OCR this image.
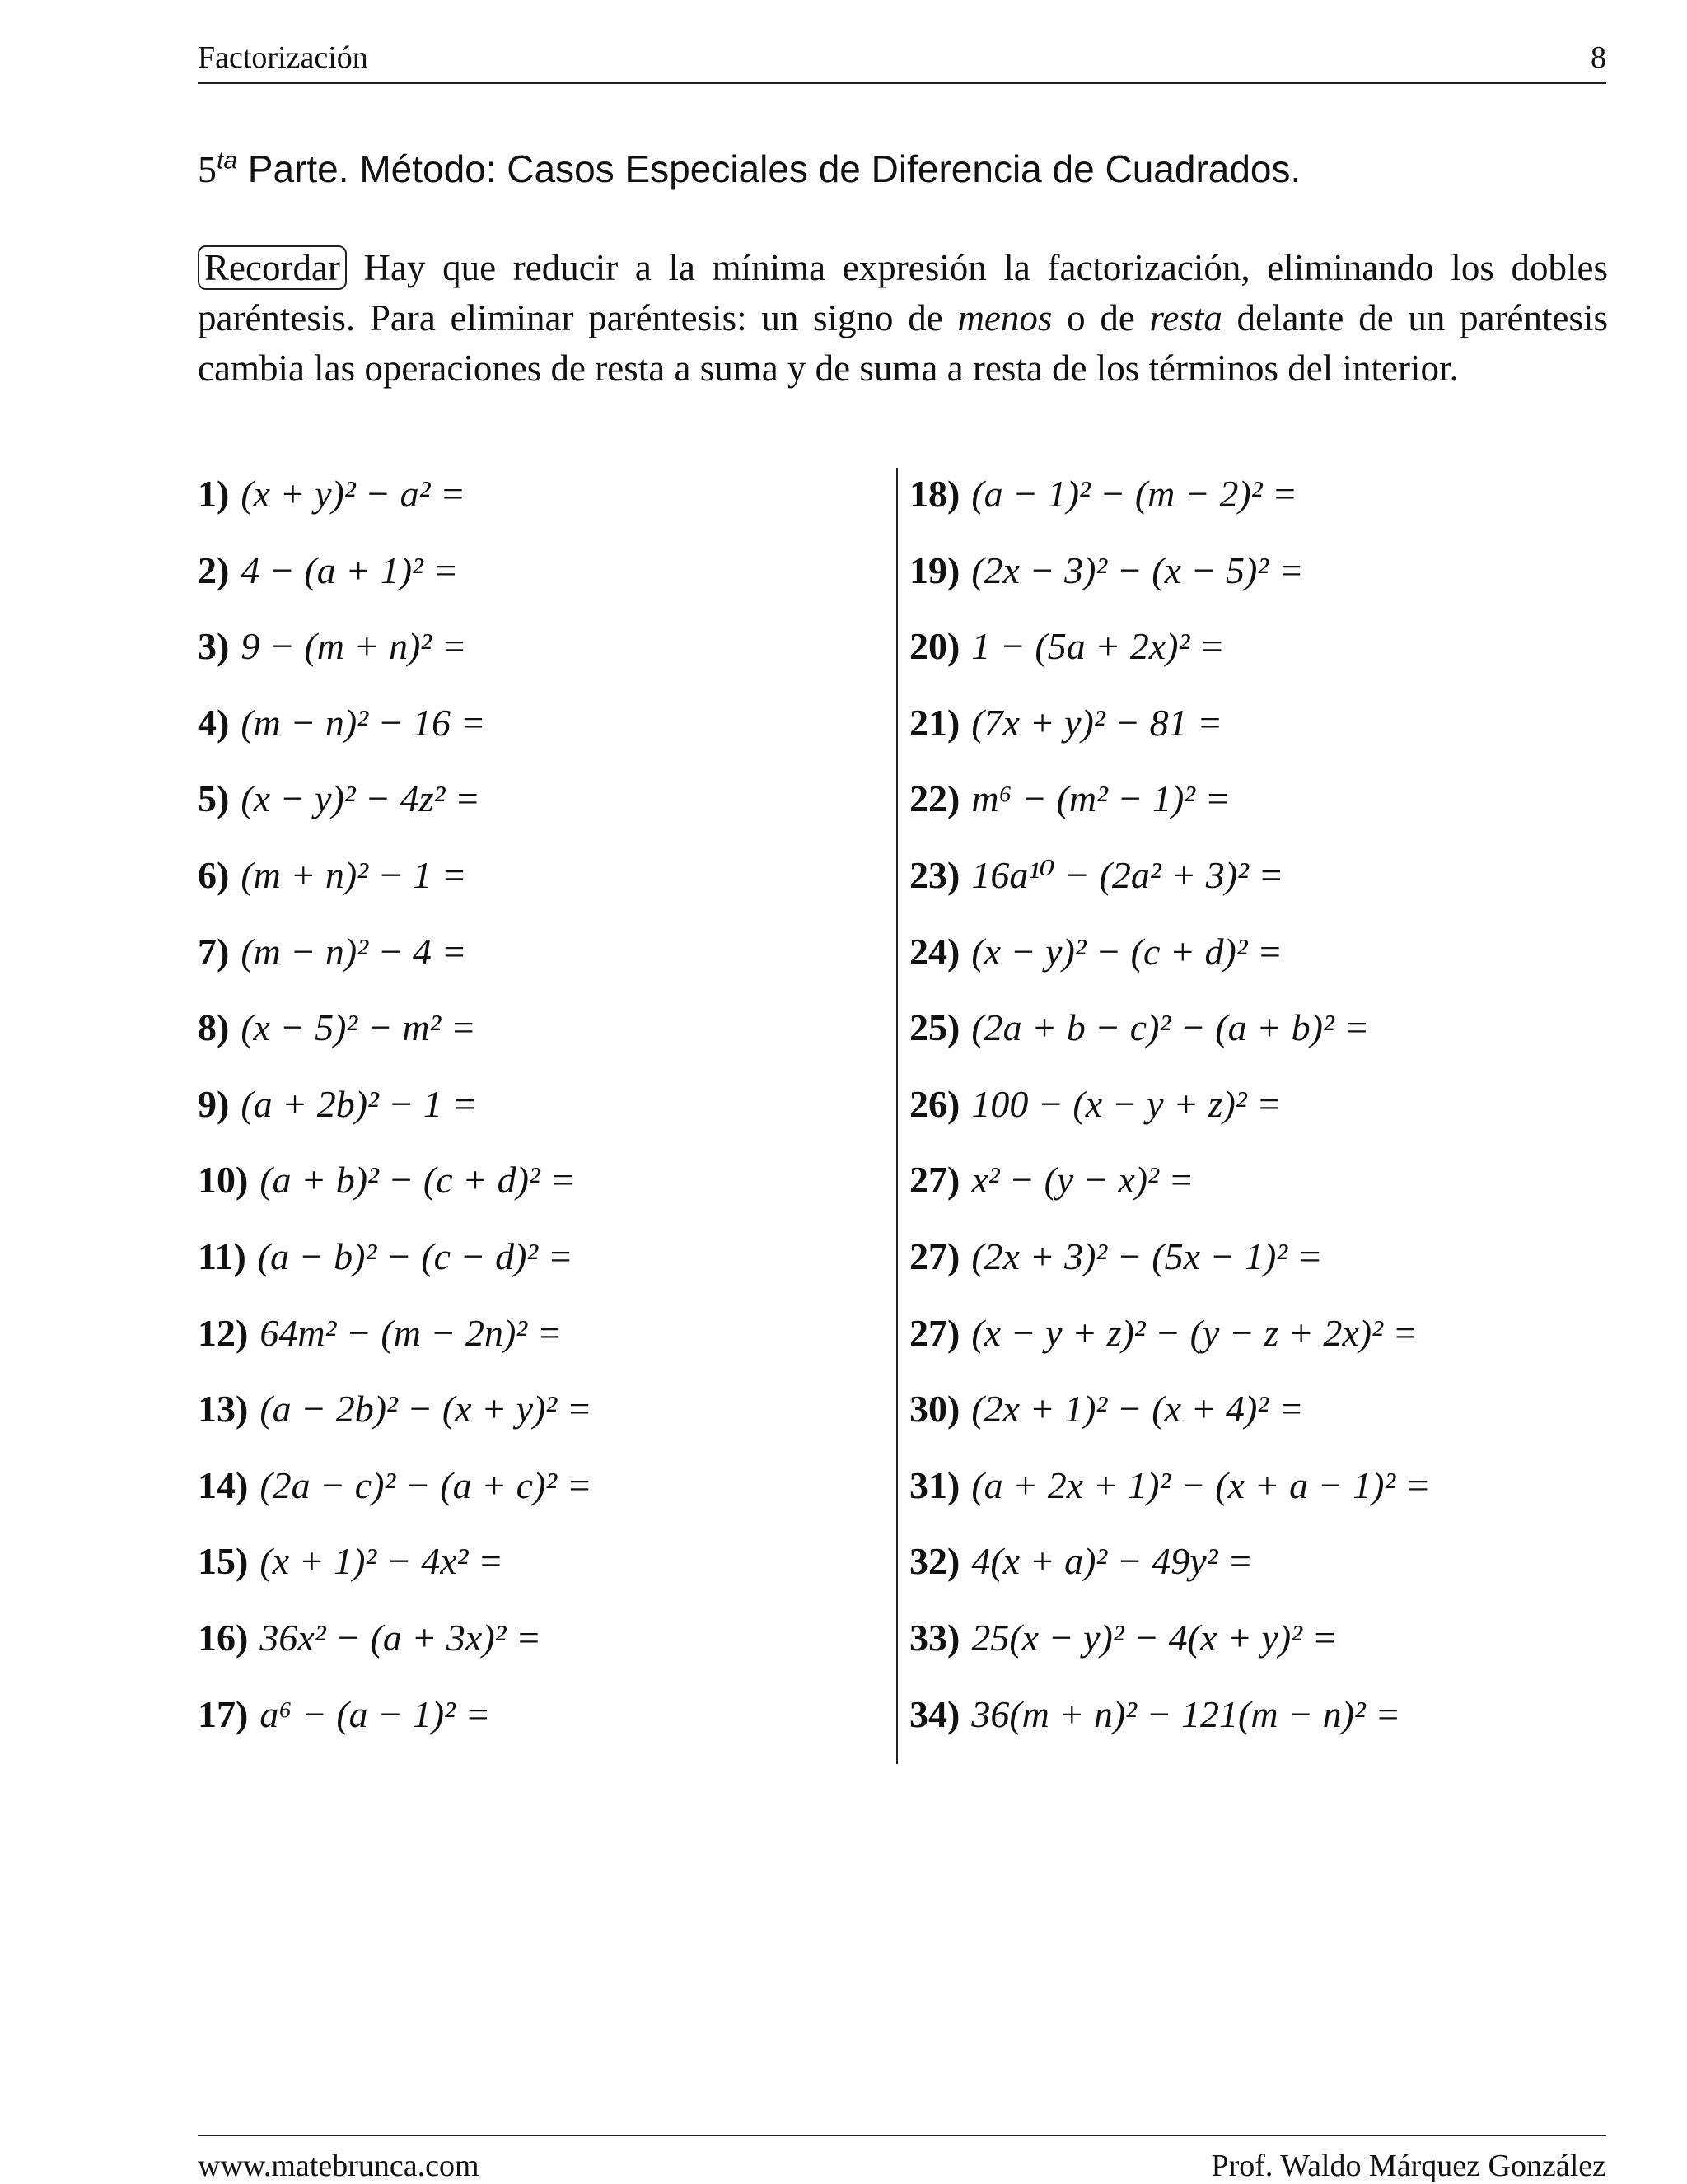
Factorización	8
$5^{ta}$ Parte. Método: Casos Especiales de Diferencia de Cuadrados.
Recordar Hay que reducir a la mínima expresión la factorización, eliminando los dobles paréntesis. Para eliminar paréntesis: un signo de menos o de resta delante de un paréntesis cambia las operaciones de resta a suma y de suma a resta de los términos del interior.
1) (x + y)² − a² =
2) 4 − (a + 1)² =
3) 9 − (m + n)² =
4) (m − n)² − 16 =
5) (x − y)² − 4z² =
6) (m + n)² − 1 =
7) (m − n)² − 4 =
8) (x − 5)² − m² =
9) (a + 2b)² − 1 =
10) (a + b)² − (c + d)² =
11) (a − b)² − (c − d)² =
12) 64m² − (m − 2n)² =
13) (a − 2b)² − (x + y)² =
14) (2a − c)² − (a + c)² =
15) (x + 1)² − 4x² =
16) 36x² − (a + 3x)² =
17) a⁶ − (a − 1)² =
18) (a − 1)² − (m − 2)² =
19) (2x − 3)² − (x − 5)² =
20) 1 − (5a + 2x)² =
21) (7x + y)² − 81 =
22) m⁶ − (m² − 1)² =
23) 16a¹⁰ − (2a² + 3)² =
24) (x − y)² − (c + d)² =
25) (2a + b − c)² − (a + b)² =
26) 100 − (x − y + z)² =
27) x² − (y − x)² =
27) (2x + 3)² − (5x − 1)² =
27) (x − y + z)² − (y − z + 2x)² =
30) (2x + 1)² − (x + 4)² =
31) (a + 2x + 1)² − (x + a − 1)² =
32) 4(x + a)² − 49y² =
33) 25(x − y)² − 4(x + y)² =
34) 36(m + n)² − 121(m − n)² =
www.matebrunca.com	Prof. Waldo Márquez González
